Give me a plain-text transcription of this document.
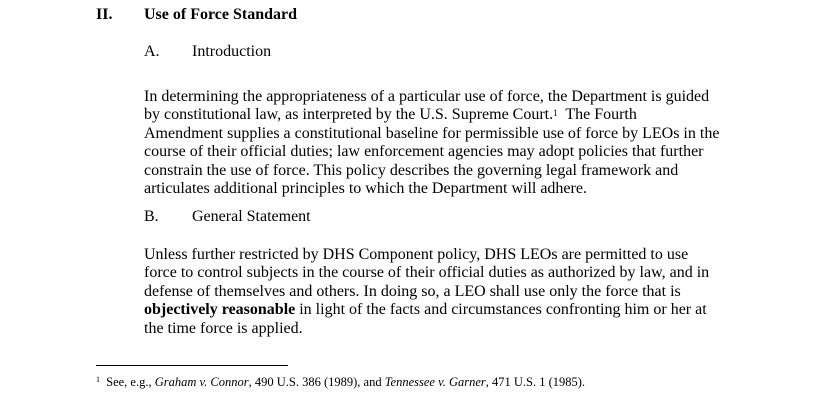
II. Use of Force Standard
A. Introduction

In determining the appropriateness of a particular use of force, the Department is guided
by constitutional law, as interpreted by the U.S. Supreme Court.$^1$  The Fourth
Amendment supplies a constitutional baseline for permissible use of force by LEOs in the
course of their official duties; law enforcement agencies may adopt policies that further
constrain the use of force. This policy describes the governing legal framework and
articulates additional principles to which the Department will adhere.

B. General Statement

Unless further restricted by DHS Component policy, DHS LEOs are permitted to use
force to control subjects in the course of their official duties as authorized by law, and in
defense of themselves and others. In doing so, a LEO shall use only the force that is
objectively reasonable in light of the facts and circumstances confronting him or her at
the time force is applied.

$^1$ See, e.g., Graham v. Connor, 490 U.S. 386 (1989), and Tennessee v. Garner, 471 U.S. 1 (1985).
